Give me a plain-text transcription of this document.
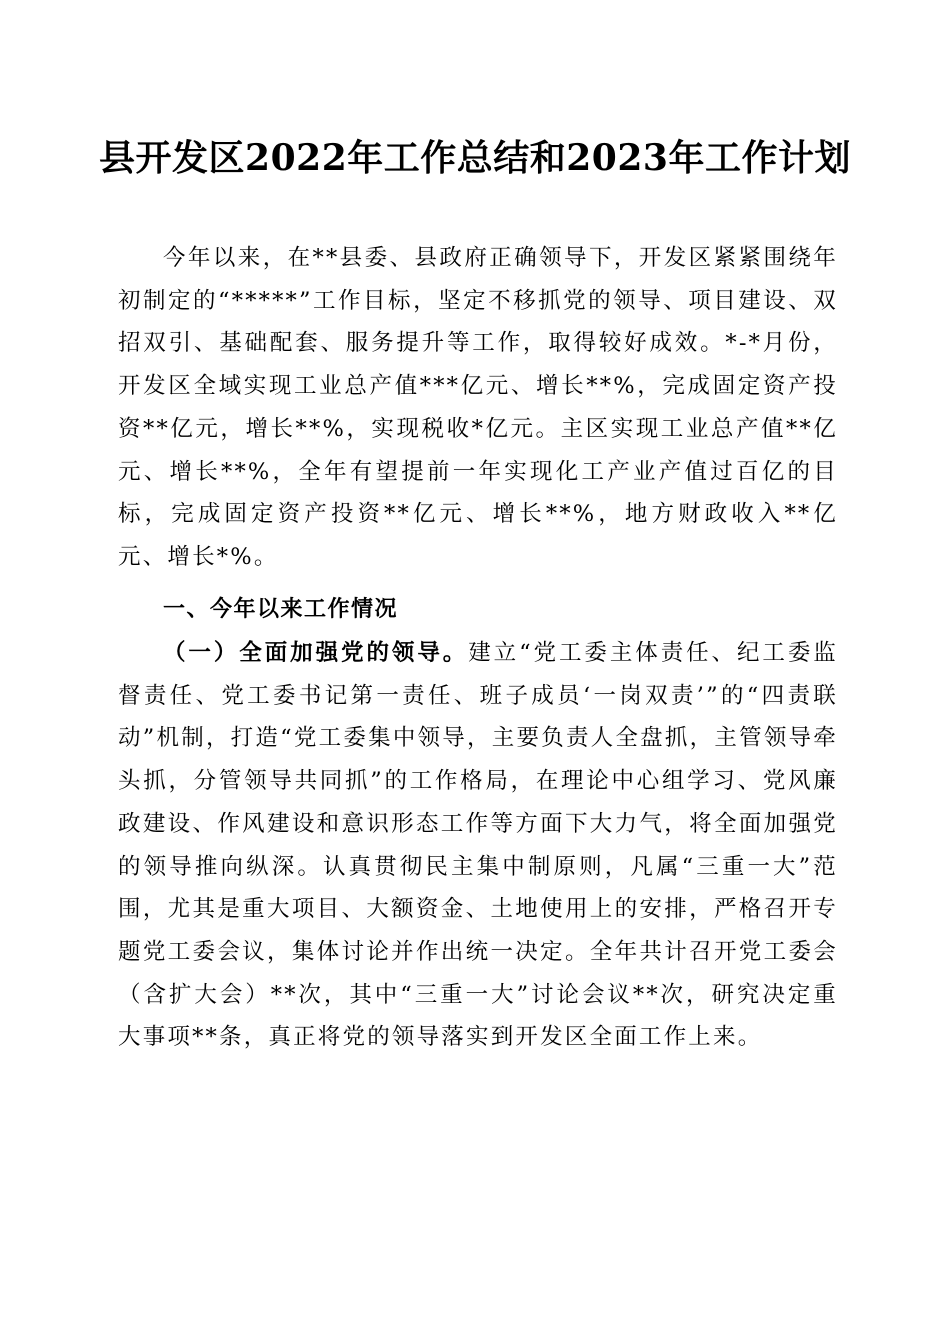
县开发区2022年工作总结和2023年工作计划

今年以来，在**县委、县政府正确领导下，开发区紧紧围绕年初制定的“*****”工作目标，坚定不移抓党的领导、项目建设、双招双引、基础配套、服务提升等工作，取得较好成效。*-*月份，开发区全域实现工业总产值***亿元、增长**%，完成固定资产投资**亿元，增长**%，实现税收*亿元。主区实现工业总产值**亿元、增长**%，全年有望提前一年实现化工产业产值过百亿的目标，完成固定资产投资**亿元、增长**%，地方财政收入**亿元、增长*%。

一、今年以来工作情况

（一）全面加强党的领导。建立“党工委主体责任、纪工委监督责任、党工委书记第一责任、班子成员‘一岗双责’”的“四责联动”机制，打造“党工委集中领导，主要负责人全盘抓，主管领导牵头抓，分管领导共同抓”的工作格局，在理论中心组学习、党风廉政建设、作风建设和意识形态工作等方面下大力气，将全面加强党的领导推向纵深。认真贯彻民主集中制原则，凡属“三重一大”范围，尤其是重大项目、大额资金、土地使用上的安排，严格召开专题党工委会议，集体讨论并作出统一决定。全年共计召开党工委会（含扩大会）**次，其中“三重一大”讨论会议**次，研究决定重大事项**条，真正将党的领导落实到开发区全面工作上来。
